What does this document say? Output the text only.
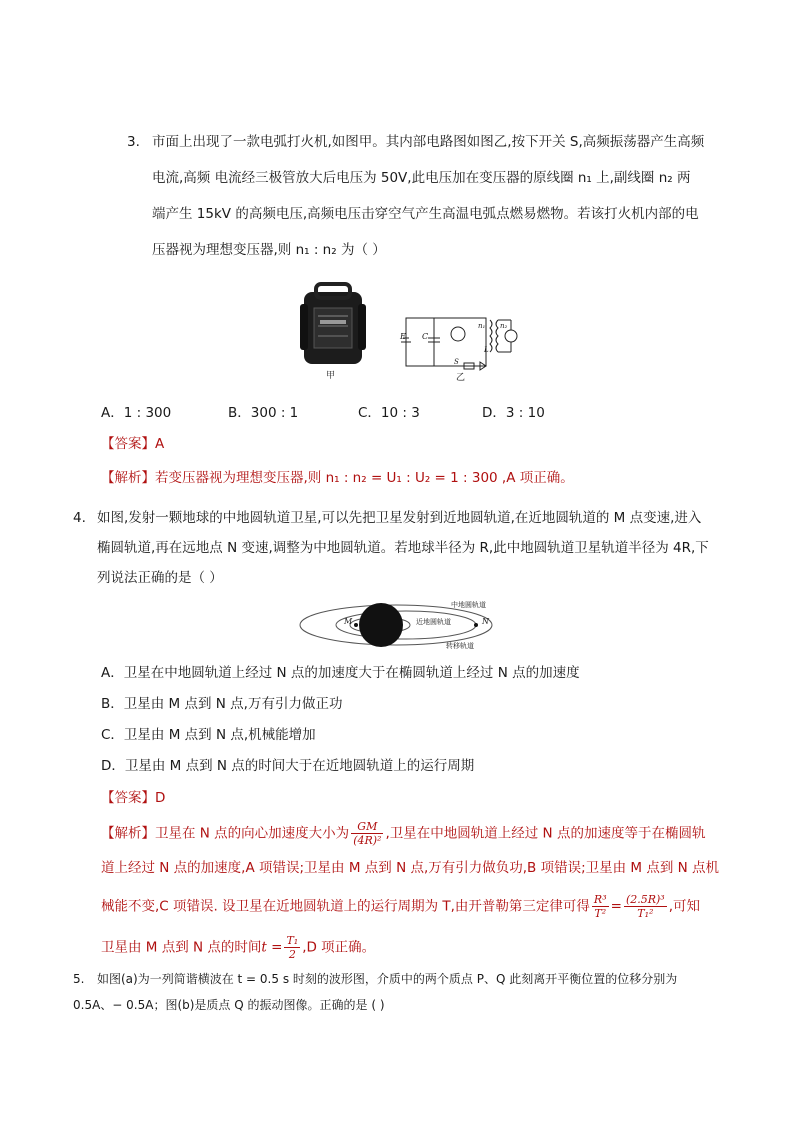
3. 市面上出现了一款电弧打火机,如图甲。其内部电路图如图乙,按下开关 S,高频振荡器产生高频
电流,高频 电流经三极管放大后电压为 50V,此电压加在变压器的原线圈 n₁ 上,副线圈 n₂ 两
端产生 15kV 的高频电压,高频电压击穿空气产生高温电弧点燃易燃物。若该打火机内部的电
压器视为理想变压器,则 n₁ : n₂ 为（ ）
甲
E C
n₁ n₂
L
S
乙
A．1 : 300	B．300 : 1	C．10 : 3	D．3 : 10
【答案】A
【解析】若变压器视为理想变压器,则 n₁ : n₂ = U₁ : U₂ = 1 : 300 ,A 项正确。
4. 如图,发射一颗地球的中地圆轨道卫星,可以先把卫星发射到近地圆轨道,在近地圆轨道的 M 点变速,进入
椭圆轨道,再在远地点 N 变速,调整为中地圆轨道。若地球半径为 R,此中地圆轨道卫星轨道半径为 4R,下
列说法正确的是（ ）
M	N
近地圆轨道
中地圆轨道
转移轨道
A．卫星在中地圆轨道上经过 N 点的加速度大于在椭圆轨道上经过 N 点的加速度
B．卫星由 M 点到 N 点,万有引力做正功
C．卫星由 M 点到 N 点,机械能增加
D．卫星由 M 点到 N 点的时间大于在近地圆轨道上的运行周期
【答案】D
【解析】卫星在 N 点的向心加速度大小为 $\frac{GM}{\text{(4R)²}}$ ,卫星在中地圆轨道上经过 N 点的加速度等于在椭圆轨
道上经过 N 点的加速度,A 项错误;卫星由 M 点到 N 点,万有引力做负功,B 项错误;卫星由 M 点到 N 点机
械能不变,C 项错误. 设卫星在近地圆轨道上的运行周期为 T,由开普勒第三定律可得 $\frac{\text{R³}}{\text{T²}} = \frac{\text{(2.5R)³}}{\text{T₁²}}$ ,可知
卫星由 M 点到 N 点的时间$t = \frac{\text{T₁}}{2} ,D$ 项正确。
5. 如图(a)为一列简谐横波在 t = 0.5 s 时刻的波形图，介质中的两个质点 P、Q 此刻离开平衡位置的位移分别为
0.5A、− 0.5A；图(b)是质点 Q 的振动图像。正确的是 ( )
